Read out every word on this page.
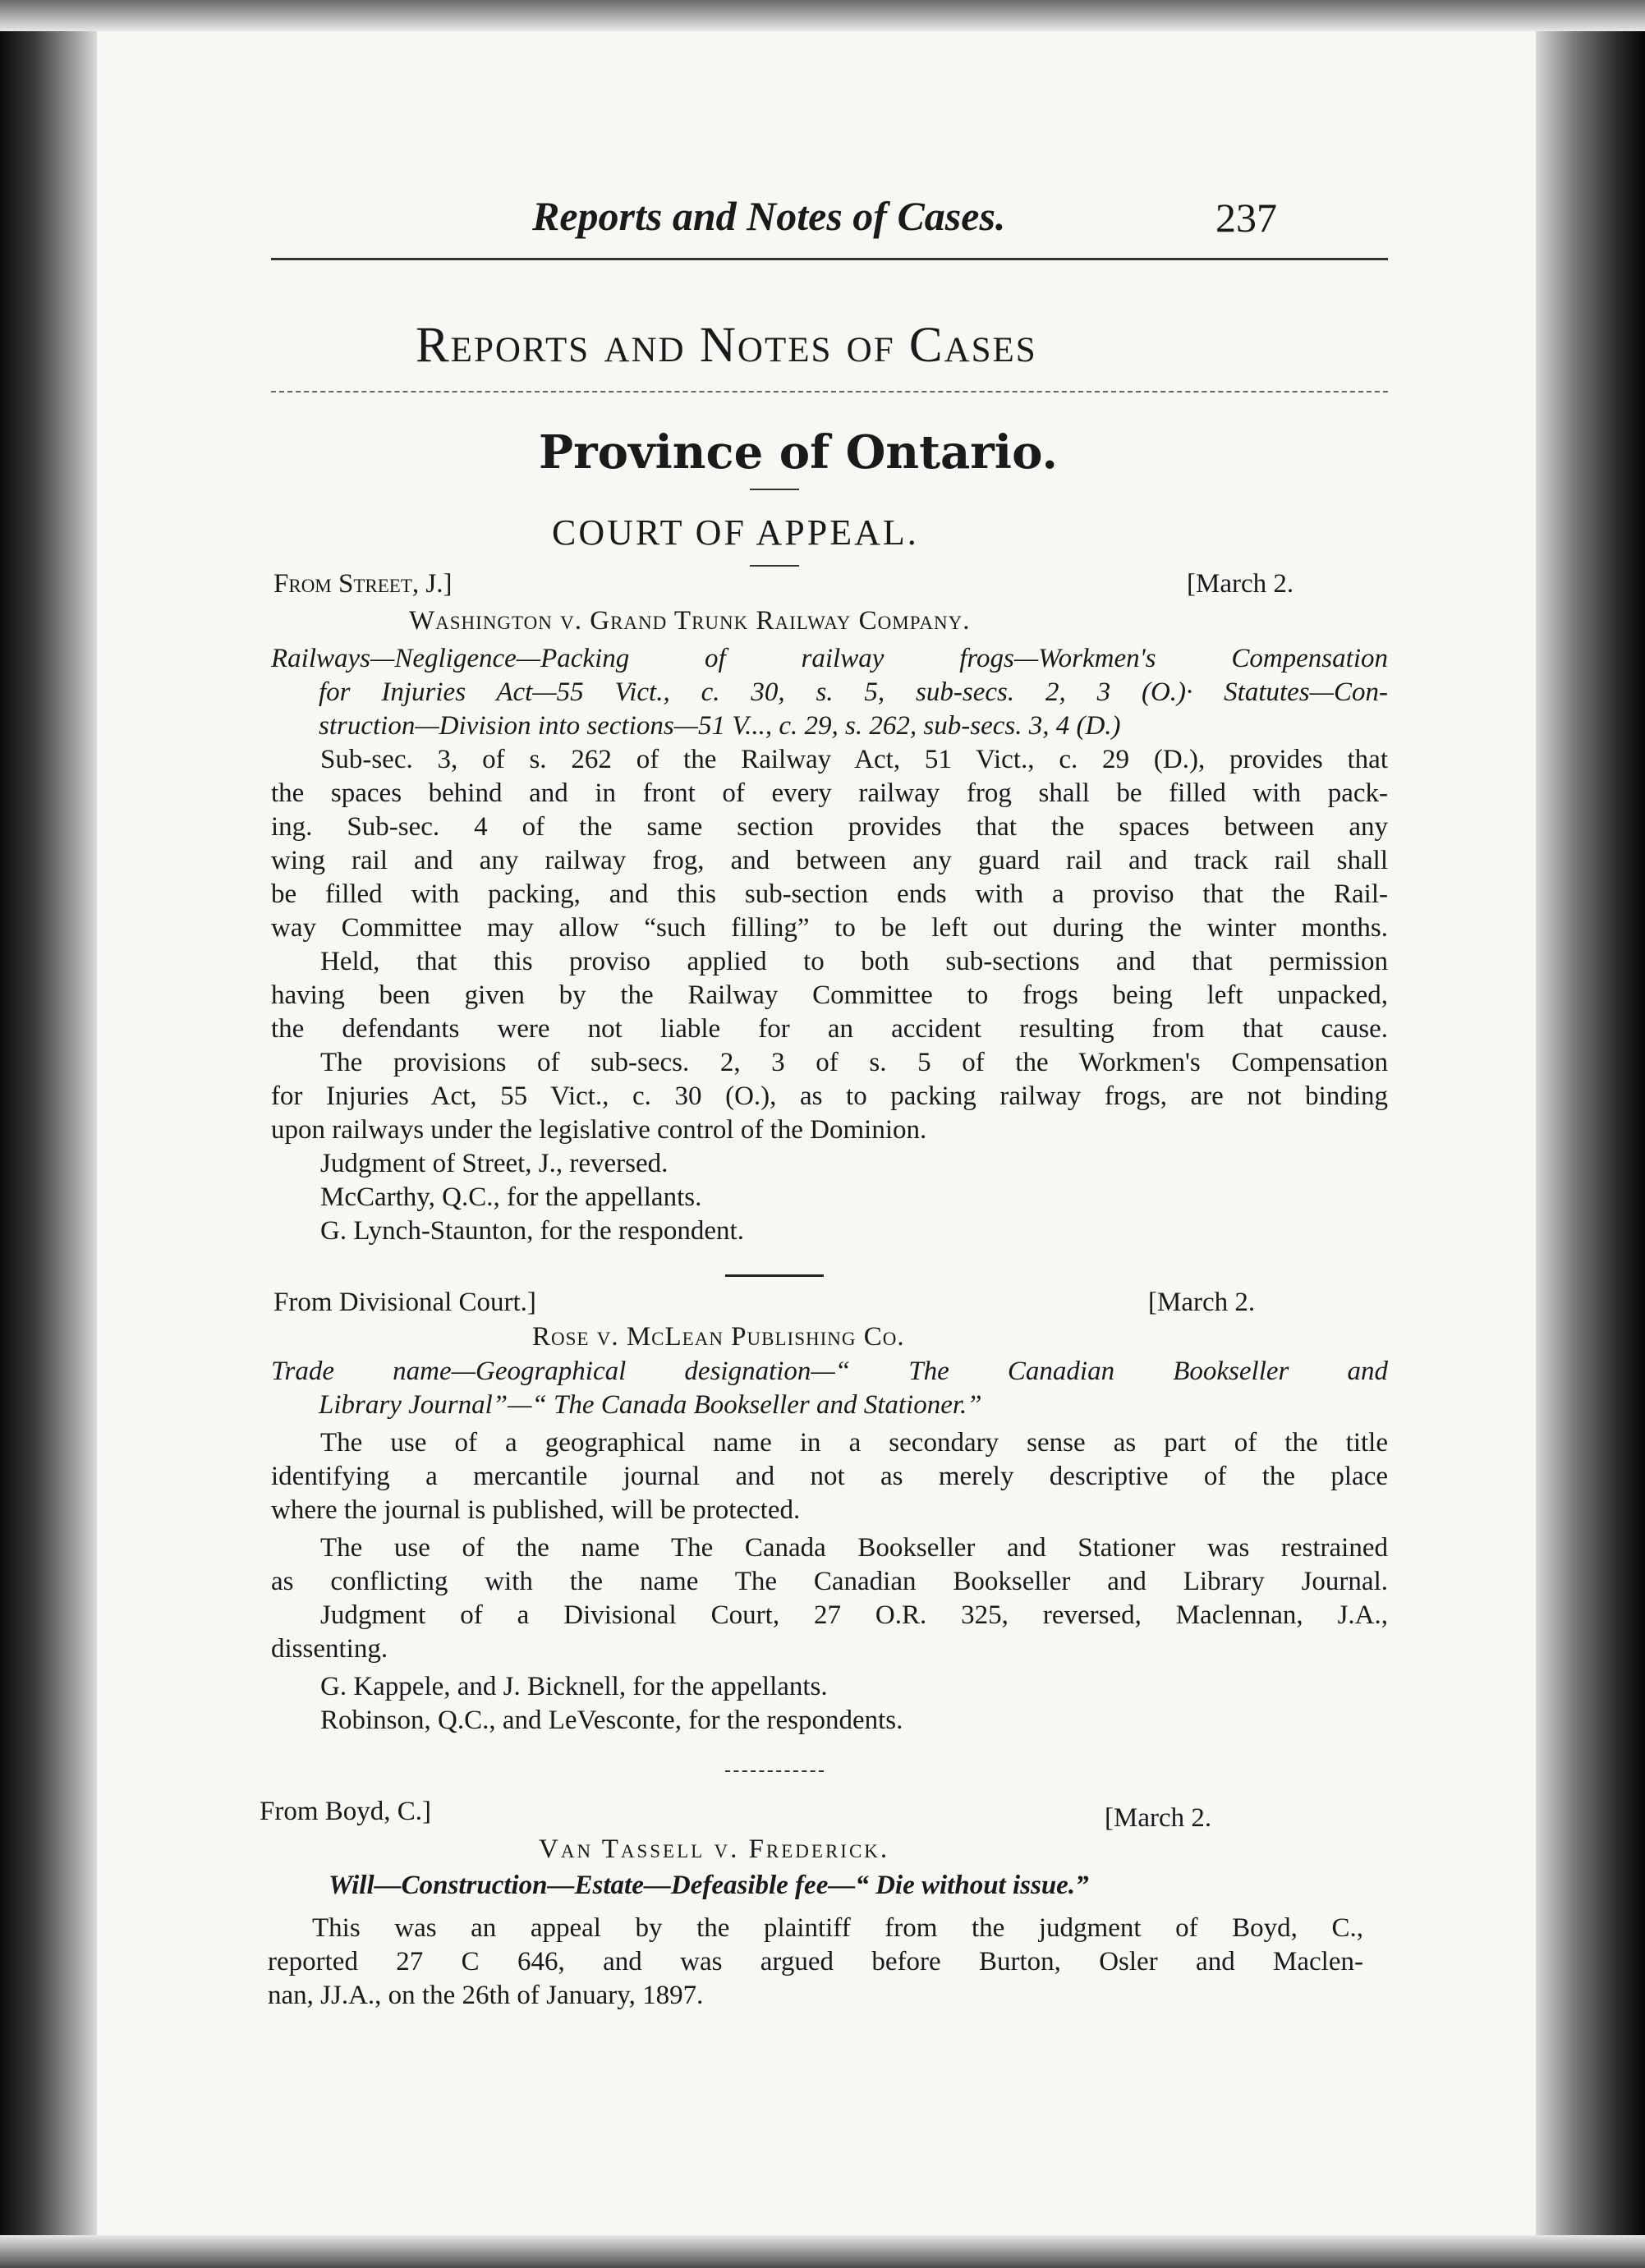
Reports and Notes of Cases.	237
Reports and Notes of Cases
Province of Ontario.
COURT OF APPEAL.
From Street, J.]	[March 2.
Washington v. Grand Trunk Railway Company.
Railways—Negligence—Packing of railway frogs—Workmen's Compensation
for Injuries Act—55 Vict., c. 30, s. 5, sub-secs. 2, 3 (O.)· Statutes—Con-
struction—Division into sections—51 V..., c. 29, s. 262, sub-secs. 3, 4 (D.)
Sub-sec. 3, of s. 262 of the Railway Act, 51 Vict., c. 29 (D.), provides that
the spaces behind and in front of every railway frog shall be filled with pack-
ing. Sub-sec. 4 of the same section provides that the spaces between any
wing rail and any railway frog, and between any guard rail and track rail shall
be filled with packing, and this sub-section ends with a proviso that the Rail-
way Committee may allow “such filling” to be left out during the winter months.
Held, that this proviso applied to both sub-sections and that permission
having been given by the Railway Committee to frogs being left unpacked,
the defendants were not liable for an accident resulting from that cause.
The provisions of sub-secs. 2, 3 of s. 5 of the Workmen's Compensation
for Injuries Act, 55 Vict., c. 30 (O.), as to packing railway frogs, are not binding
upon railways under the legislative control of the Dominion.
Judgment of Street, J., reversed.
McCarthy, Q.C., for the appellants.
G. Lynch-Staunton, for the respondent.
From Divisional Court.]	[March 2.
Rose v. McLean Publishing Co.
Trade name—Geographical designation—“ The Canadian Bookseller and
Library Journal”—“ The Canada Bookseller and Stationer.”
The use of a geographical name in a secondary sense as part of the title
identifying a mercantile journal and not as merely descriptive of the place
where the journal is published, will be protected.
The use of the name The Canada Bookseller and Stationer was restrained
as conflicting with the name The Canadian Bookseller and Library Journal.
Judgment of a Divisional Court, 27 O.R. 325, reversed, Maclennan, J.A.,
dissenting.
G. Kappele, and J. Bicknell, for the appellants.
Robinson, Q.C., and LeVesconte, for the respondents.
From Boyd, C.]	[March 2.
Van Tassell v. Frederick.
Will—Construction—Estate—Defeasible fee—“ Die without issue.”
This was an appeal by the plaintiff from the judgment of Boyd, C.,
reported 27 C 646, and was argued before Burton, Osler and Maclen-
nan, JJ.A., on the 26th of January, 1897.
